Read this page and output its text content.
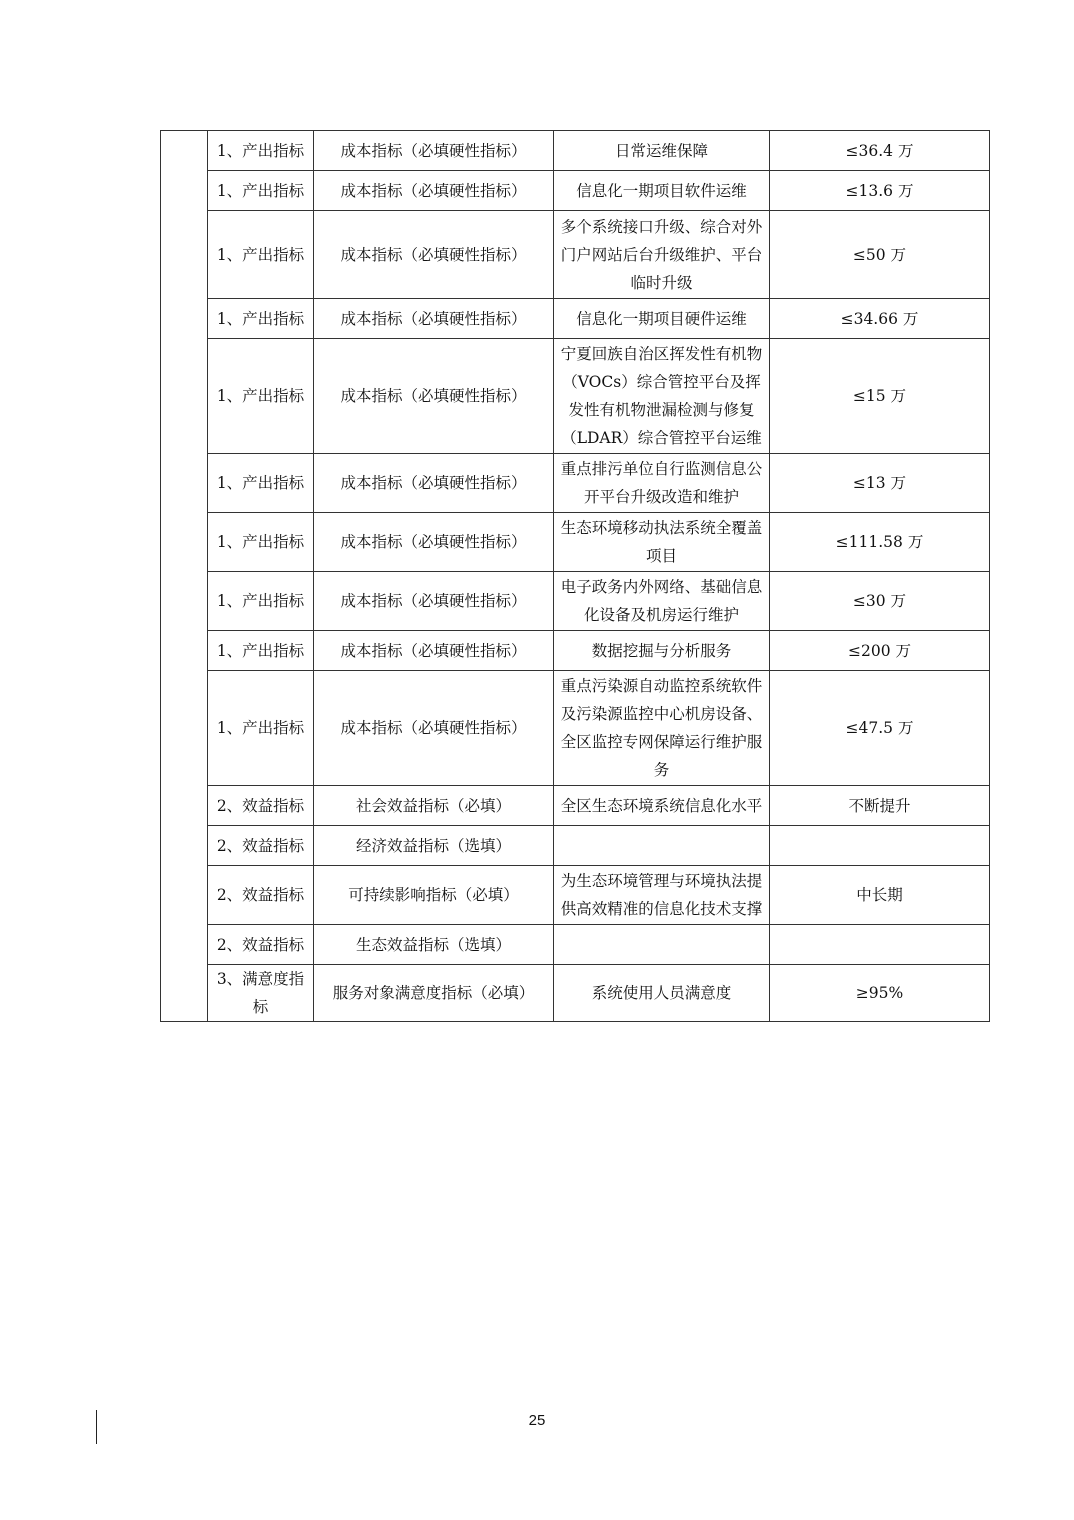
	1、产出指标	成本指标（必填硬性指标）	日常运维保障	≤36.4 万
	1、产出指标	成本指标（必填硬性指标）	信息化一期项目软件运维	≤13.6 万
	1、产出指标	成本指标（必填硬性指标）	多个系统接口升级、综合对外门户网站后台升级维护、平台临时升级	≤50 万
	1、产出指标	成本指标（必填硬性指标）	信息化一期项目硬件运维	≤34.66 万
	1、产出指标	成本指标（必填硬性指标）	宁夏回族自治区挥发性有机物（VOCs）综合管控平台及挥发性有机物泄漏检测与修复（LDAR）综合管控平台运维	≤15 万
	1、产出指标	成本指标（必填硬性指标）	重点排污单位自行监测信息公开平台升级改造和维护	≤13 万
	1、产出指标	成本指标（必填硬性指标）	生态环境移动执法系统全覆盖项目	≤111.58 万
	1、产出指标	成本指标（必填硬性指标）	电子政务内外网络、基础信息化设备及机房运行维护	≤30 万
	1、产出指标	成本指标（必填硬性指标）	数据挖掘与分析服务	≤200 万
	1、产出指标	成本指标（必填硬性指标）	重点污染源自动监控系统软件及污染源监控中心机房设备、全区监控专网保障运行维护服务	≤47.5 万
	2、效益指标	社会效益指标（必填）	全区生态环境系统信息化水平	不断提升
	2、效益指标	经济效益指标（选填）		
	2、效益指标	可持续影响指标（必填）	为生态环境管理与环境执法提供高效精准的信息化技术支撑	中长期
	2、效益指标	生态效益指标（选填）		
	3、满意度指标	服务对象满意度指标（必填）	系统使用人员满意度	≥95%
25
